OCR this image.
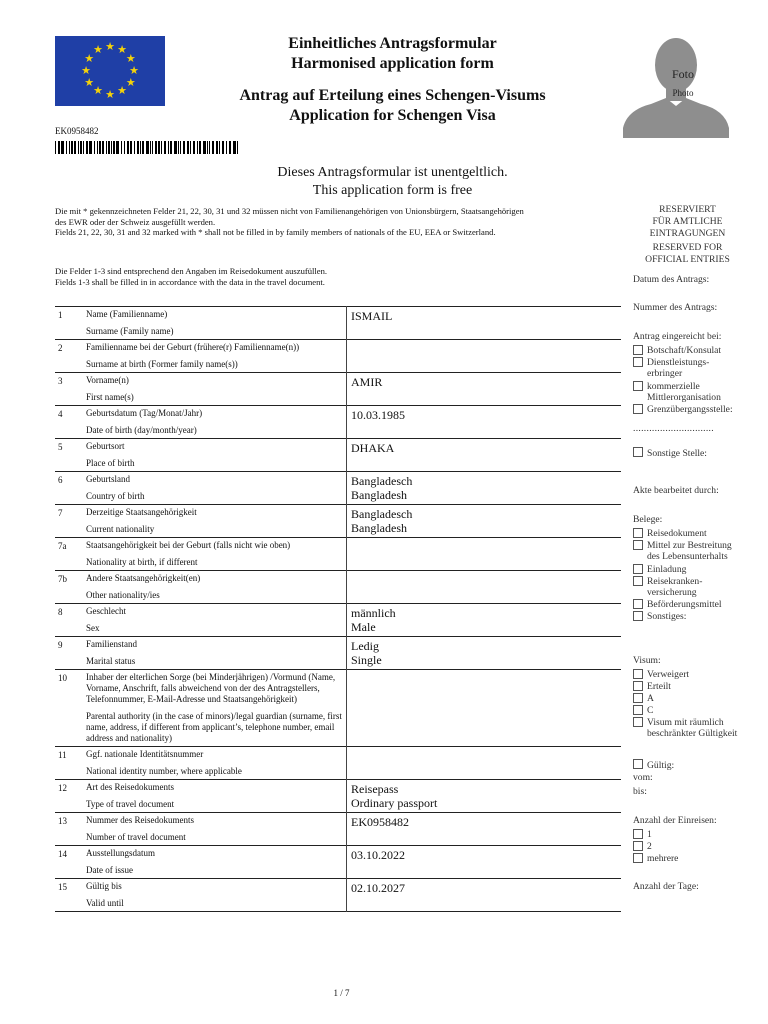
★ ★
★
★
★
★
★
★
★
★
★
★	Einheitliches Antragsformular
Harmonised application form
Antrag auf Erteilung eines Schengen-Visums
Application for Schengen Visa
Foto
Photo
EK0958482
Dieses Antragsformular ist unentgeltlich.
This application form is free
Die mit * gekennzeichneten Felder 21, 22, 30, 31 und 32 müssen nicht von Familienangehörigen von Unionsbürgern, Staatsangehörigen des EWR oder der Schweiz ausgefüllt werden.
Fields 21, 22, 30, 31 and 32 marked with * shall not be filled in by family members of nationals of the EU, EEA or Switzerland.
Die Felder 1-3 sind entsprechend den Angaben im Reisedokument auszufüllen.
Fields 1-3 shall be filled in in accordance with the data in the travel document.
1	Name (Familienname)
Surname (Family name)	ISMAIL

2	Familienname bei der Geburt (frühere(r) Familienname(n))
Surname at birth (Former family name(s))	

3	Vorname(n)
First name(s)	AMIR

4	Geburtsdatum (Tag/Monat/Jahr)
Date of birth (day/month/year)	10.03.1985

5	Geburtsort
Place of birth	DHAKA

6	Geburtsland
Country of birth	Bangladesch
Bangladesh

7	Derzeitige Staatsangehörigkeit
Current nationality	Bangladesch
Bangladesh

7a	Staatsangehörigkeit bei der Geburt (falls nicht wie oben)
Nationality at birth, if different	

7b	Andere Staatsangehörigkeit(en)
Other nationality/ies	

8	Geschlecht
Sex	männlich
Male

9	Familienstand
Marital status	Ledig
Single

10	Inhaber der elterlichen Sorge (bei Minderjährigen) /Vormund (Name, Vorname, Anschrift, falls abweichend von der des Antragstellers, Telefonnummer, E-Mail-Adresse und Staatsangehörigkeit)
Parental authority (in the case of minors)/legal guardian (surname, first name, address, if different from applicant’s, telephone number, email address and nationality)	

11	Ggf. nationale Identitätsnummer
National identity number, where applicable	

12	Art des Reisedokuments
Type of travel document	Reisepass
Ordinary passport

13	Nummer des Reisedokuments
Number of travel document	EK0958482

14	Ausstellungsdatum
Date of issue	03.10.2022

15	Gültig bis
Valid until	02.10.2027
RESERVIERT
FÜR AMTLICHE
EINTRAGUNGEN
RESERVED FOR
OFFICIAL ENTRIES
Datum des Antrags:
Nummer des Antrags:
Antrag eingereicht bei:
Botschaft/Konsulat
Dienstleistungs-
erbringer
kommerzielle
Mittlerorganisation
Grenzübergangsstelle:
..............................
Sonstige Stelle:
Akte bearbeitet durch:
Belege:
Reisedokument
Mittel zur Bestreitung
des Lebensunterhalts
Einladung
Reisekranken-
versicherung
Beförderungsmittel
Sonstiges:
Visum:
Verweigert
Erteilt
A
C
Visum mit räumlich
beschränkter Gültigkeit
Gültig:
vom:
bis:
Anzahl der Einreisen:
1
2
mehrere
Anzahl der Tage:
1 / 7
